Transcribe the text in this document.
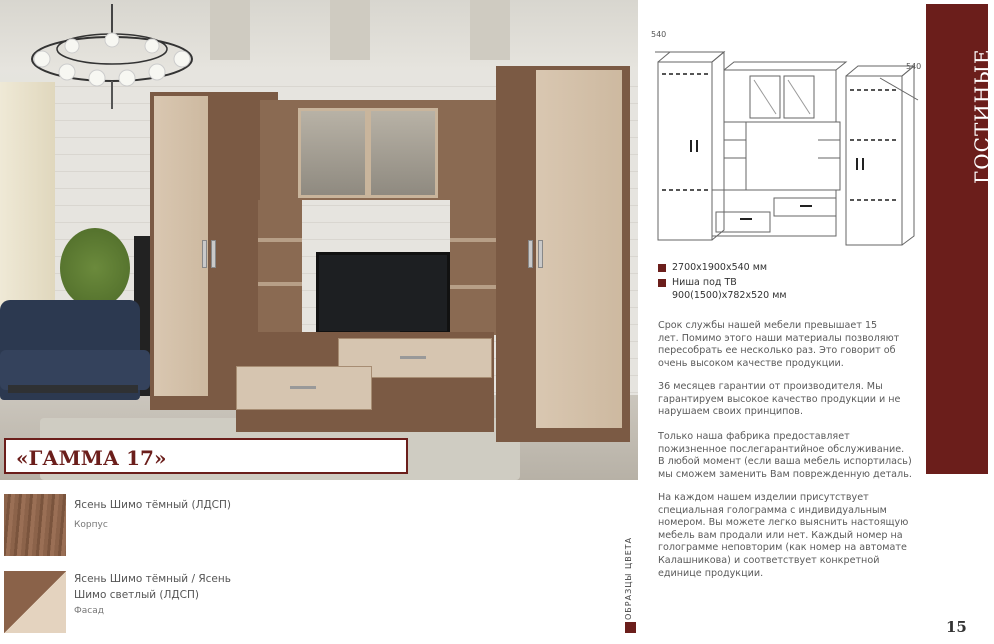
«ГАММА 17»
Ясень Шимо тёмный (ЛДСП)
Корпус
Ясень Шимо тёмный / Ясень
Шимо светлый (ЛДСП)
Фасад	ОБРАЗЦЫ ЦВЕТА
540
540
2700х1900х540 мм
Ниша под ТВ
900(1500)х782х520 мм
Срок службы нашей мебели превышает 15
лет. Помимо этого наши материалы позволяют
пересобрать ее несколько раз. Это говорит об
очень высоком качестве продукции.
36 месяцев гарантии от производителя. Мы
гарантируем высокое качество продукции и не
нарушаем своих принципов.
Только наша фабрика предоставляет
пожизненное послегарантийное обслуживание.
В любой момент (если ваша мебель испортилась)
мы сможем заменить Вам поврежденную деталь.
На каждом нашем изделии присутствует
специальная голограмма с индивидуальным
номером. Вы можете легко выяснить настоящую
мебель вам продали или нет. Каждый номер на
голограмме неповторим (как номер на автомате
Калашникова) и соответствует конкретной
единице продукции.
ГОСТИНЫЕ
15
